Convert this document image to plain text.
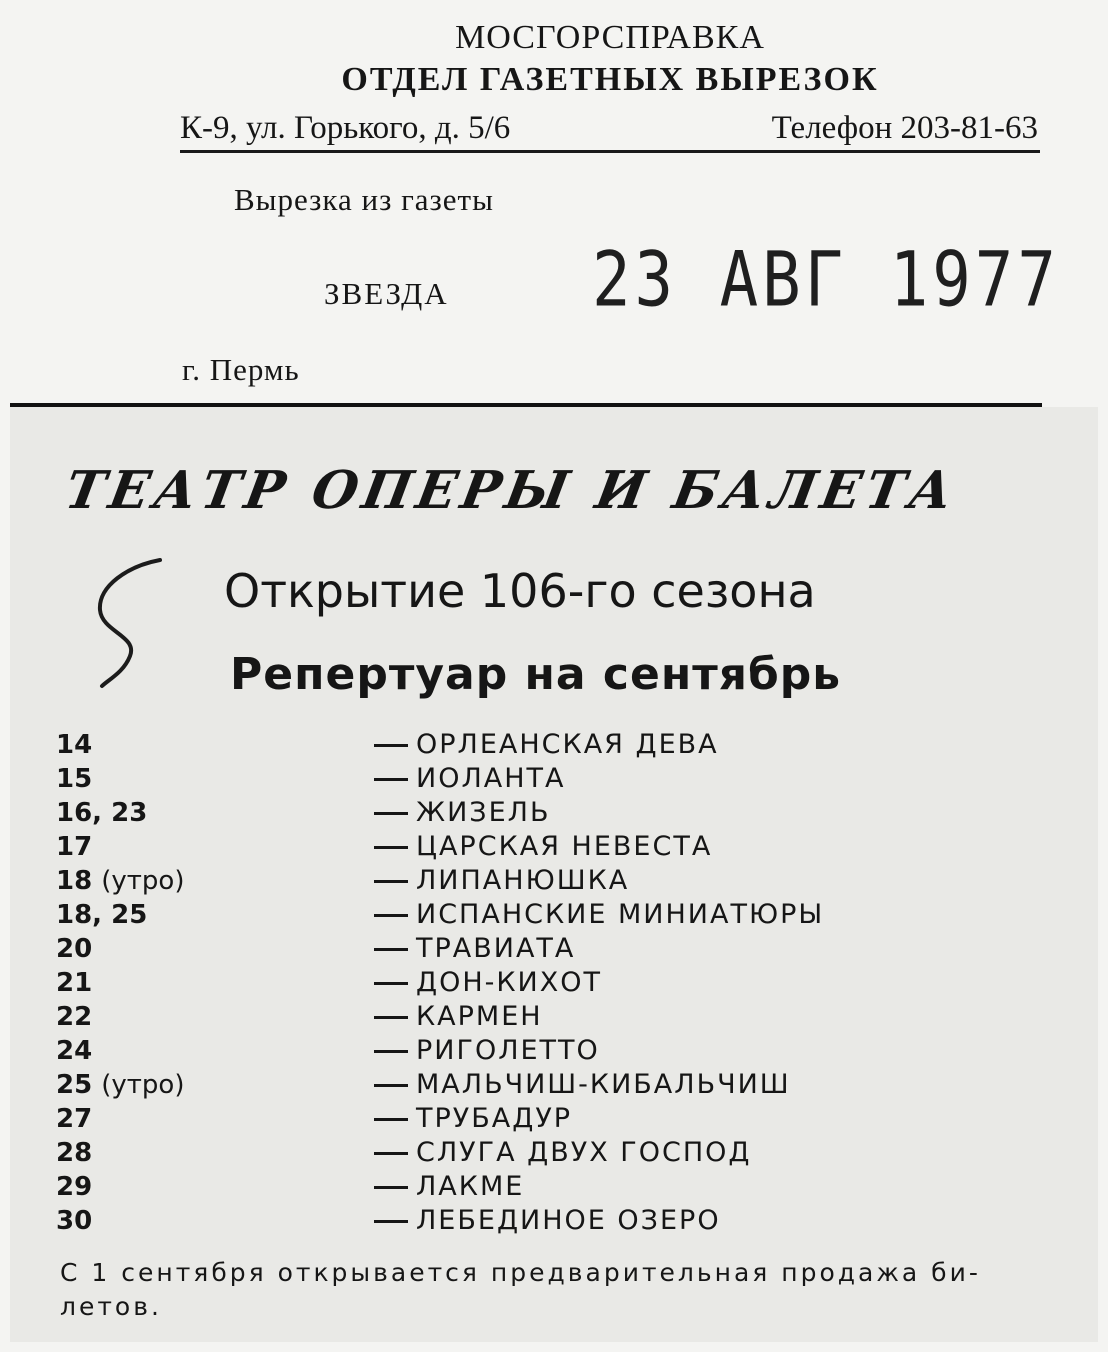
МОСГОРСПРАВКА
ОТДЕЛ ГАЗЕТНЫХ ВЫРЕЗОК
К-9, ул. Горького, д. 5/6	Телефон 203-81-63
Вырезка из газеты
ЗВЕЗДА 23 АВГ 1977
г. Пермь
ТЕАТР ОПЕРЫ И БАЛЕТА
Открытие 106-го сезона
Репертуар на сентябрь
14	ОРЛЕАНСКАЯ ДЕВА
15	ИОЛАНТА
16, 23	ЖИЗЕЛЬ
17	ЦАРСКАЯ НЕВЕСТА
18 (утро)	ЛИПАНЮШКА
18, 25	ИСПАНСКИЕ МИНИАТЮРЫ
20	ТРАВИАТА
21	ДОН-КИХОТ
22	КАРМЕН
24	РИГОЛЕТТО
25 (утро)	МАЛЬЧИШ-КИБАЛЬЧИШ
27	ТРУБАДУР
28	СЛУГА ДВУХ ГОСПОД
29	ЛАКМЕ
30	ЛЕБЕДИНОЕ ОЗЕРО
С 1 сентября открывается предварительная продажа би-
летов.
